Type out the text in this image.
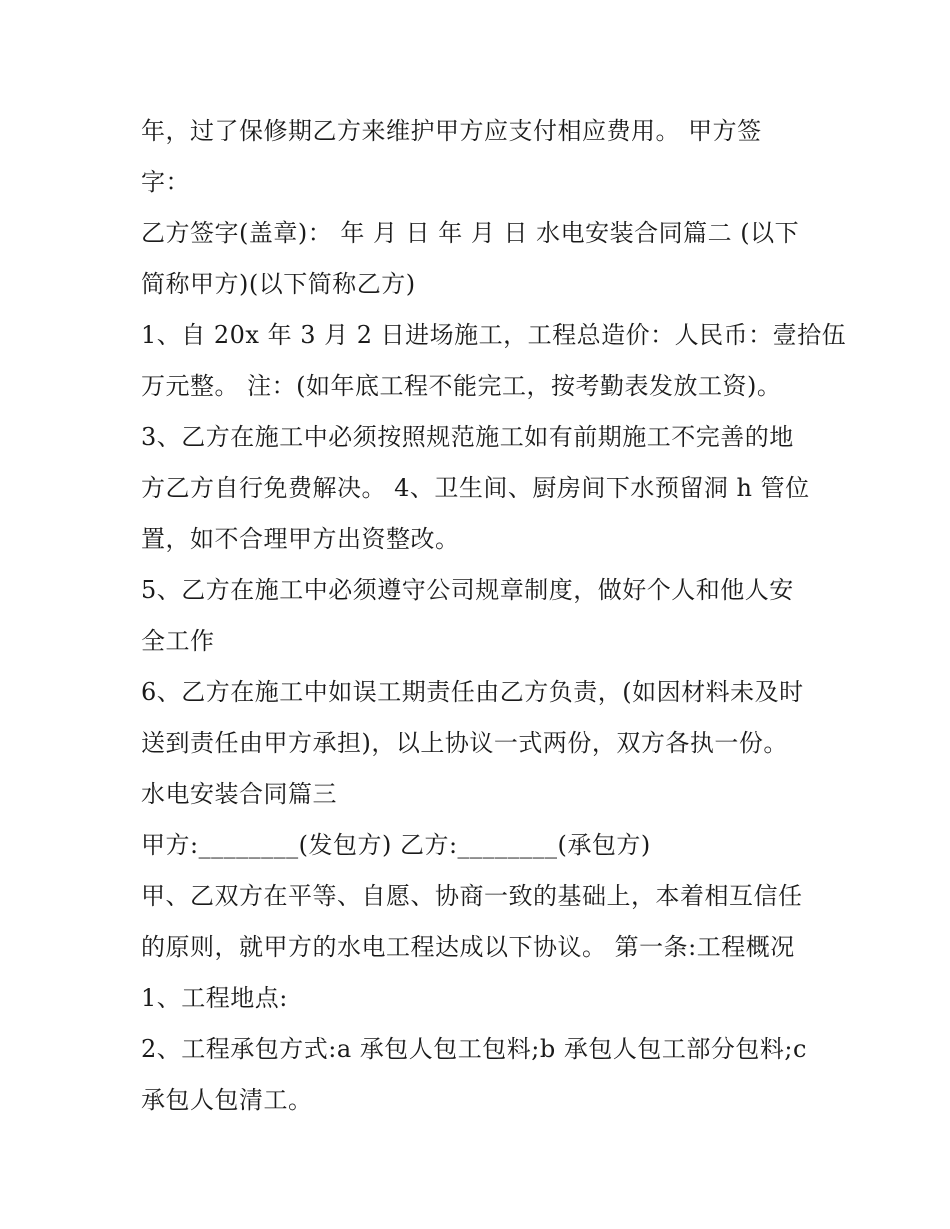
年，过了保修期乙方来维护甲方应支付相应费用。 甲方签
字：
乙方签字(盖章)： 年 月 日 年 月 日 水电安装合同篇二 (以下
简称甲方)(以下简称乙方)
1、自 20x 年 3 月 2 日进场施工，工程总造价：人民币：壹拾伍
万元整。 注：(如年底工程不能完工，按考勤表发放工资)。
3、乙方在施工中必须按照规范施工如有前期施工不完善的地
方乙方自行免费解决。 4、卫生间、厨房间下水预留洞 h 管位
置，如不合理甲方出资整改。
5、乙方在施工中必须遵守公司规章制度，做好个人和他人安
全工作
6、乙方在施工中如误工期责任由乙方负责，(如因材料未及时
送到责任由甲方承担)，以上协议一式两份，双方各执一份。
水电安装合同篇三
甲方:________(发包方) 乙方:________(承包方)
甲、乙双方在平等、自愿、协商一致的基础上，本着相互信任
的原则，就甲方的水电工程达成以下协议。 第一条:工程概况
1、工程地点:
2、工程承包方式:a 承包人包工包料;b 承包人包工部分包料;c
承包人包清工。
